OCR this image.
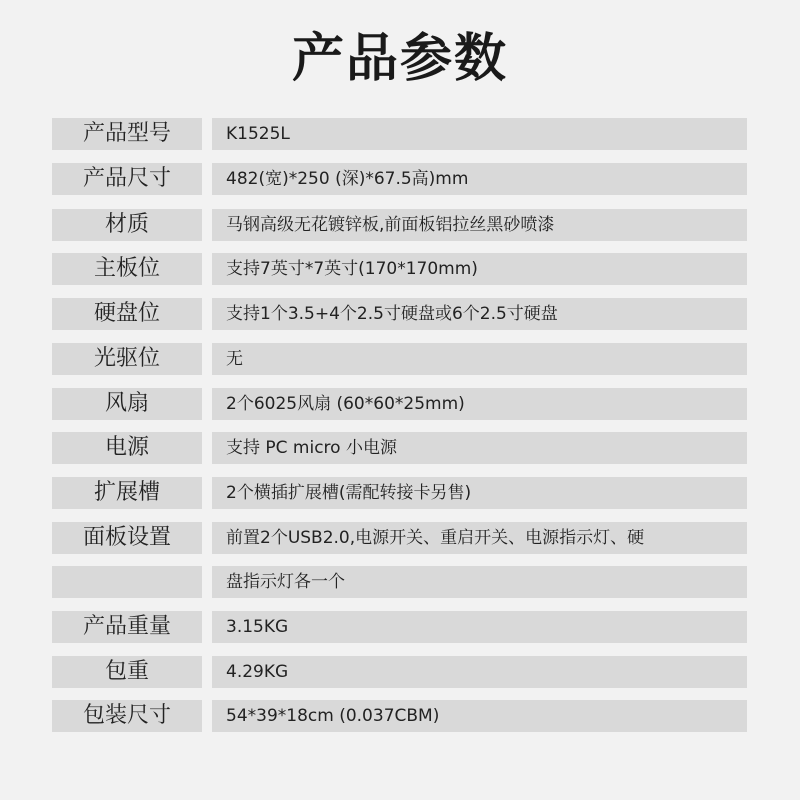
产品参数
产品型号	K1525L
产品尺寸	482(宽)*250 (深)*67.5高)mm
材质	马钢高级无花镀锌板,前面板铝拉丝黑砂喷漆
主板位	支持7英寸*7英寸(170*170mm)
硬盘位	支持1个3.5+4个2.5寸硬盘或6个2.5寸硬盘
光驱位	无
风扇	2个6025风扇 (60*60*25mm)
电源	支持 PC micro 小电源
扩展槽	2个横插扩展槽(需配转接卡另售)
面板设置	前置2个USB2.0,电源开关、重启开关、电源指示灯、硬
盘指示灯各一个
产品重量	3.15KG
包重	4.29KG
包装尺寸	54*39*18cm (0.037CBM)
